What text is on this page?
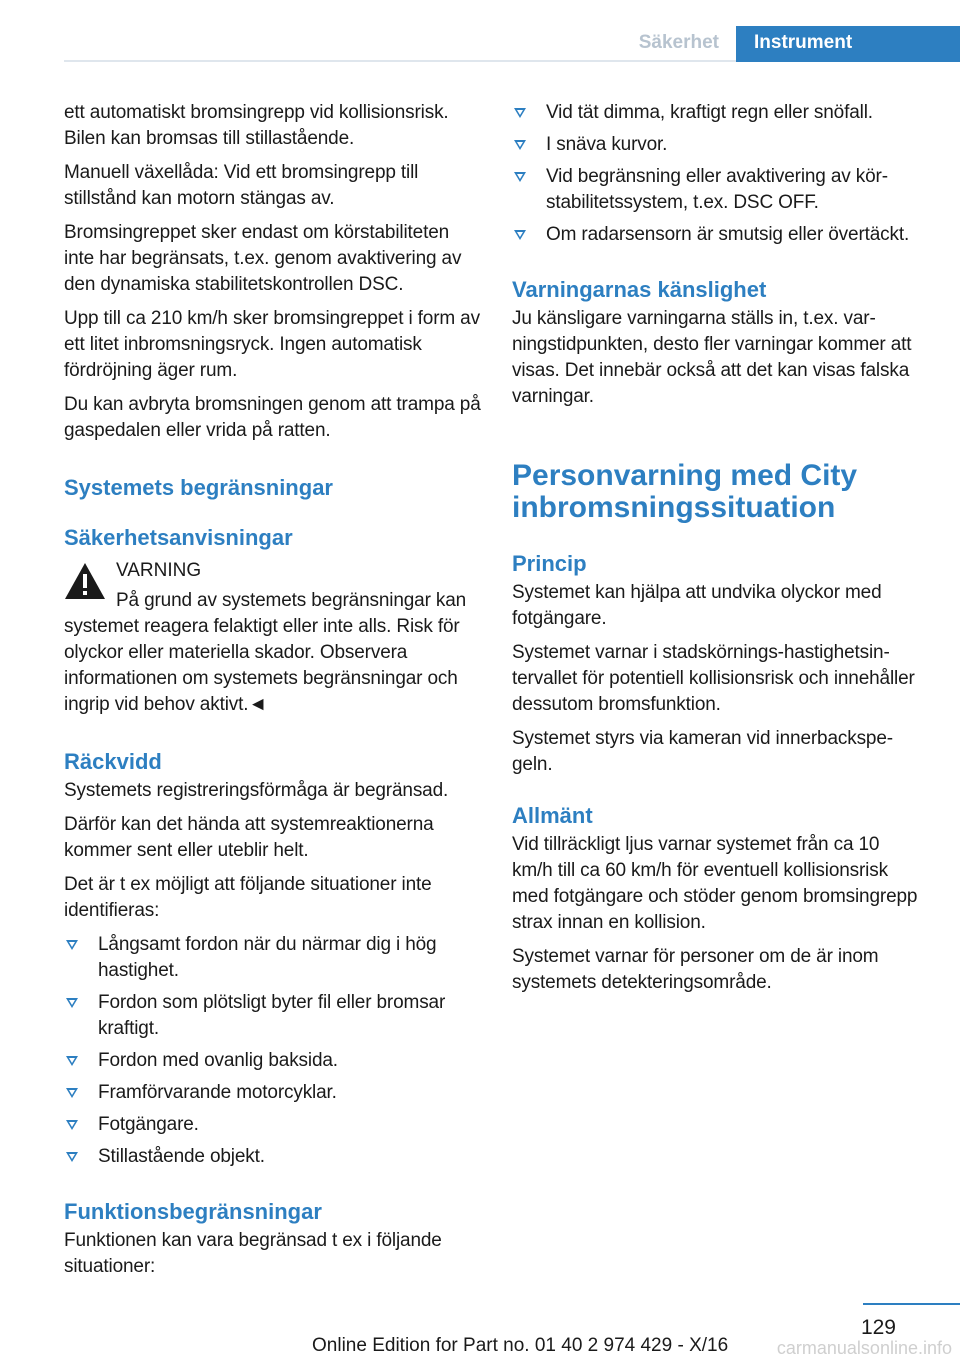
Säkerhet	Instrument

ett automatiskt bromsingrepp vid kollisionsrisk. Bilen kan bromsas till stillastående.

Manuell växellåda: Vid ett bromsingrepp till stillstånd kan motorn stängas av.

Bromsingreppet sker endast om körstabiliteten inte har begränsats, t.ex. genom avaktivering av den dynamiska stabilitetskontrollen DSC.

Upp till ca 210 km/h sker bromsingreppet i form av ett litet inbromsningsryck. Ingen automatisk fördröjning äger rum.

Du kan avbryta bromsningen genom att trampa på gaspedalen eller vrida på ratten.

Systemets begränsningar
Säkerhetsanvisningar

VARNING

På grund av systemets begränsningar kan systemet reagera felaktigt eller inte alls. Risk för olyckor eller materiella skador. Observera informationen om systemets begränsningar och ingrip vid behov aktivt.◄

Räckvidd

Systemets registreringsförmåga är begränsad.

Därför kan det hända att systemreaktionerna kommer sent eller uteblir helt.

Det är t ex möjligt att följande situationer inte identifieras:

Långsamt fordon när du närmar dig i hög hastighet.
Fordon som plötsligt byter fil eller bromsar kraftigt.
Fordon med ovanlig baksida.
Framförvarande motorcyklar.
Fotgängare.
Stillastående objekt.
Funktionsbegränsningar

Funktionen kan vara begränsad t ex i följande situationer:

Vid tät dimma, kraftigt regn eller snöfall.
I snäva kurvor.
Vid begränsning eller avaktivering av körstabilitetssystem, t.ex. DSC OFF.
Om radarsensorn är smutsig eller övertäckt.
Varningarnas känslighet

Ju känsligare varningarna ställs in, t.ex. varningstidpunkten, desto fler varningar kommer att visas. Det innebär också att det kan visas falska varningar.

Personvarning med City inbromsningssituation
Princip

Systemet kan hjälpa att undvika olyckor med fotgängare.

Systemet varnar i stadskörnings-hastighetsintervallet för potentiell kollisionsrisk och innehåller dessutom bromsfunktion.

Systemet styrs via kameran vid innerbackspegeln.

Allmänt

Vid tillräckligt ljus varnar systemet från ca 10 km/h till ca 60 km/h för eventuell kollisionsrisk med fotgängare och stöder genom bromsingrepp strax innan en kollision.

Systemet varnar för personer om de är inom systemets detekteringsområde.

129
Online Edition for Part no. 01 40 2 974 429 - X/16	carmanualsonline.info
